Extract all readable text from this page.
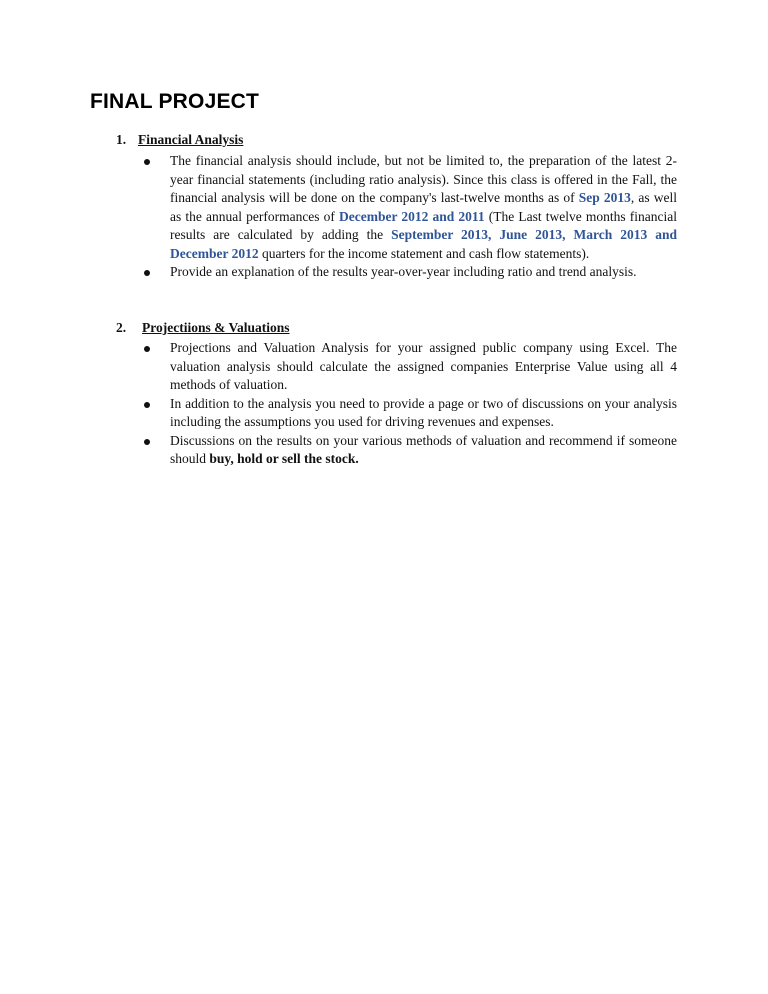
FINAL PROJECT
1. Financial Analysis
The financial analysis should include, but not be limited to, the preparation of the latest 2-year financial statements (including ratio analysis). Since this class is offered in the Fall, the financial analysis will be done on the company's last-twelve months as of Sep 2013, as well as the annual performances of December 2012 and 2011 (The Last twelve months financial results are calculated by adding the September 2013, June 2013, March 2013 and December 2012 quarters for the income statement and cash flow statements).
Provide an explanation of the results year-over-year including ratio and trend analysis.
2. Projectiions & Valuations
Projections and Valuation Analysis for your assigned public company using Excel. The valuation analysis should calculate the assigned companies Enterprise Value using all 4 methods of valuation.
In addition to the analysis you need to provide a page or two of discussions on your analysis including the assumptions you used for driving revenues and expenses.
Discussions on the results on your various methods of valuation and recommend if someone should buy, hold or sell the stock.
